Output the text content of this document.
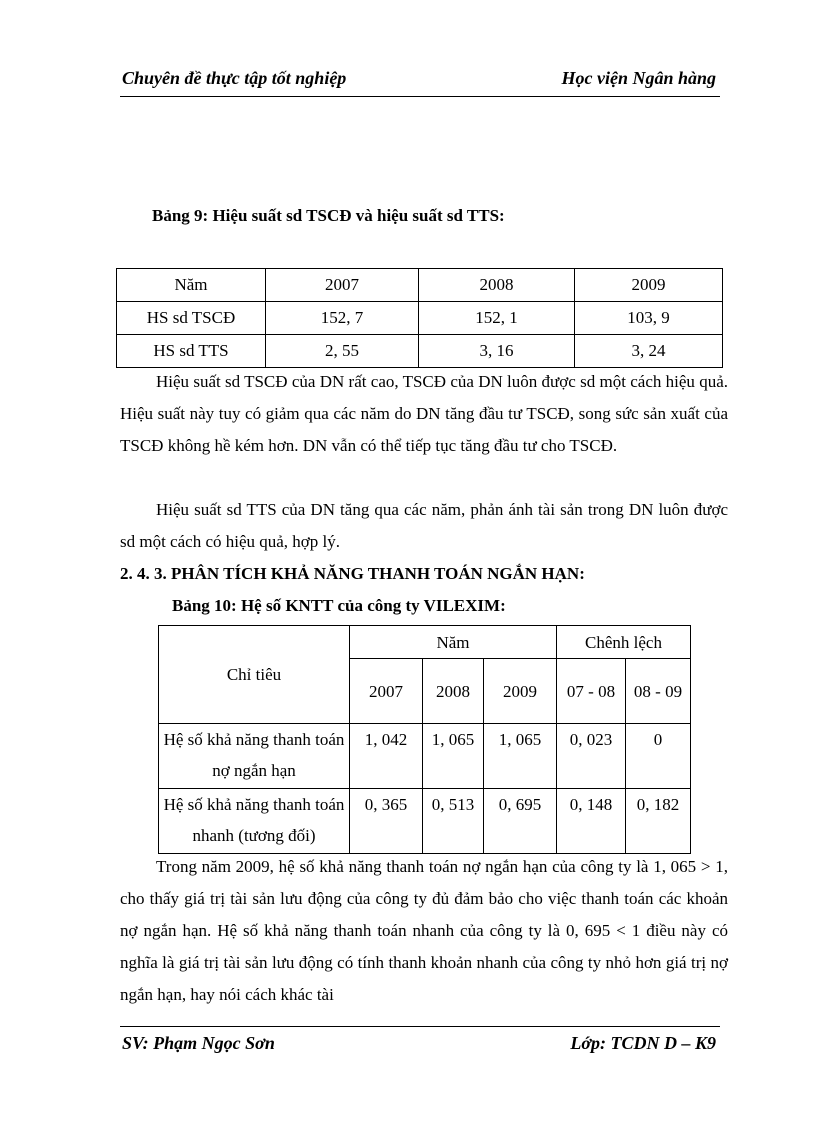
Chuyên đề thực tập tốt nghiệp	Học viện Ngân hàng
Bảng 9: Hiệu suất sd TSCĐ và hiệu suất sd TTS:
Năm	2007	2008	2009
HS sd TSCĐ	152, 7	152, 1	103, 9
HS sd TTS	2, 55	3, 16	3, 24
Hiệu suất sd TSCĐ của DN rất cao, TSCĐ của DN luôn được sd một cách hiệu quả. Hiệu suất này tuy có giảm qua các năm do DN tăng đầu tư TSCĐ, song sức sản xuất của TSCĐ không hề kém hơn. DN vẫn có thể tiếp tục tăng đầu tư cho TSCĐ.
Hiệu suất sd TTS của DN tăng qua các năm, phản ánh tài sản trong DN luôn được sd một cách có hiệu quả, hợp lý.
2. 4. 3. PHÂN TÍCH KHẢ NĂNG THANH TOÁN NGẮN HẠN:
Bảng 10: Hệ số KNTT của công ty VILEXIM:
Chỉ tiêu	Năm			Chênh lệch	
	2007	2008	2009	07 - 08	08 - 09
Hệ số khả năng thanh toán nợ ngắn hạn	1, 042	1, 065	1, 065	0, 023	0
Hệ số khả năng thanh toán nhanh (tương đối)	0, 365	0, 513	0, 695	0, 148	0, 182
Trong năm 2009, hệ số khả năng thanh toán nợ ngắn hạn của công ty là 1, 065 > 1, cho thấy giá trị tài sản lưu động của công ty đủ đảm bảo cho việc thanh toán các khoản nợ ngắn hạn. Hệ số khả năng thanh toán nhanh của công ty là 0, 695 < 1 điều này có nghĩa là giá trị tài sản lưu động có tính thanh khoản nhanh của công ty nhỏ hơn giá trị nợ ngắn hạn, hay nói cách khác tài
SV: Phạm Ngọc Sơn	Lớp: TCDN D – K9
